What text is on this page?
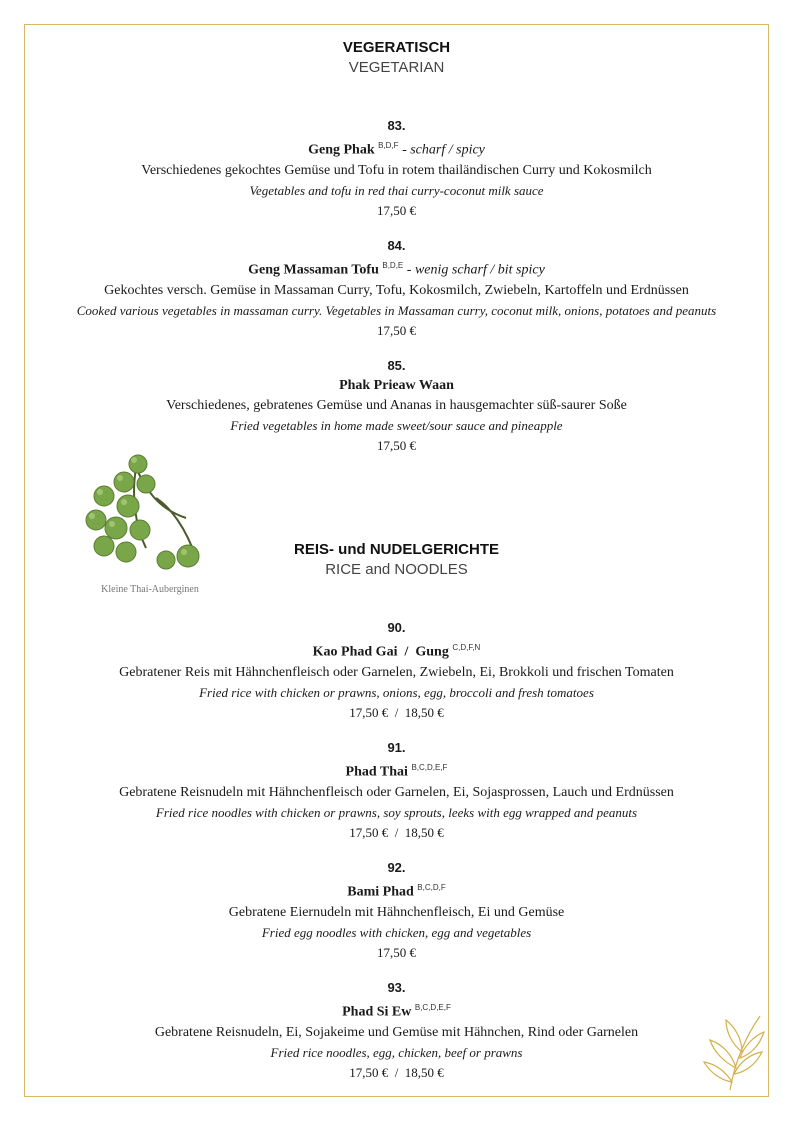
VEGERATISCH
VEGETARIAN
83.
Geng Phak $^{B,D,F}$ - scharf / spicy
Verschiedenes gekochtes Gemüse und Tofu in rotem thailändischen Curry und Kokosmilch
Vegetables and tofu in red thai curry-coconut milk sauce
17,50 €
84.
Geng Massaman Tofu $^{B,D,E}$ - wenig scharf / bit spicy
Gekochtes versch. Gemüse in Massaman Curry, Tofu, Kokosmilch, Zwiebeln, Kartoffeln und Erdnüssen
Cooked various vegetables in massaman curry. Vegetables in Massaman curry, coconut milk, onions, potatoes and peanuts
17,50 €
85.
Phak Prieaw Waan
Verschiedenes, gebratenes Gemüse und Ananas in hausgemachter süß-saurer Soße
Fried vegetables in home made sweet/sour sauce and pineapple
17,50 €
Kleine Thai-Auberginen
REIS- und NUDELGERICHTE
RICE and NOODLES
90.
Kao Phad Gai  /  Gung $^{C,D,F,N}$
Gebratener Reis mit Hähnchenfleisch oder Garnelen, Zwiebeln, Ei, Brokkoli und frischen Tomaten
Fried rice with chicken or prawns, onions, egg, broccoli and fresh tomatoes
17,50 €  /  18,50 €
91.
Phad Thai $^{B,C,D,E,F}$
Gebratene Reisnudeln mit Hähnchenfleisch oder Garnelen, Ei, Sojasprossen, Lauch und Erdnüssen
Fried rice noodles with chicken or prawns, soy sprouts, leeks with egg wrapped and peanuts
17,50 €  /  18,50 €
92.
Bami Phad $^{B,C,D,F}$
Gebratene Eiernudeln mit Hähnchenfleisch, Ei und Gemüse
Fried egg noodles with chicken, egg and vegetables
17,50 €
93.
Phad Si Ew $^{B,C,D,E,F}$
Gebratene Reisnudeln, Ei, Sojakeime und Gemüse mit Hähnchen, Rind oder Garnelen
Fried rice noodles, egg, chicken, beef or prawns
17,50 €  /  18,50 €
